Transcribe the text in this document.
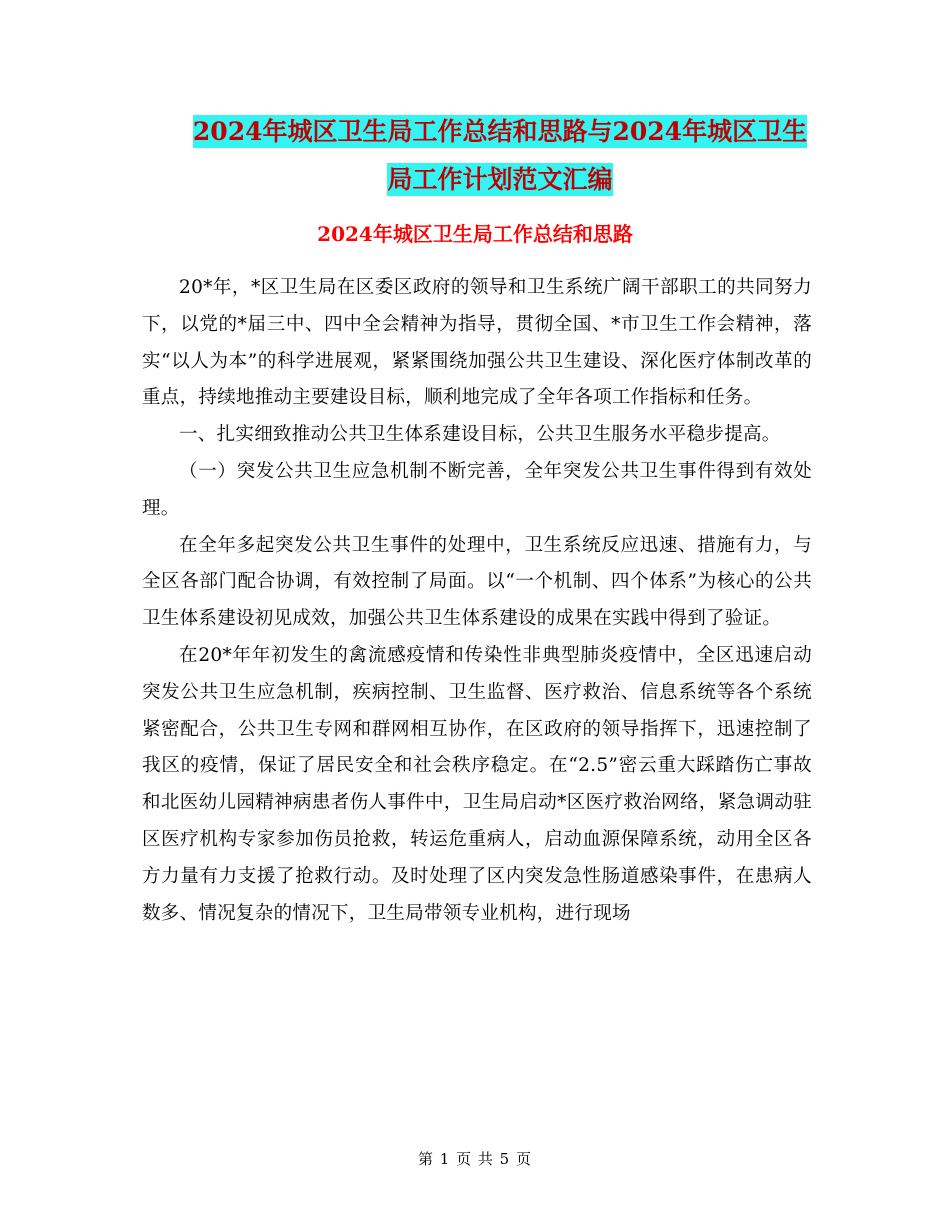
2024年城区卫生局工作总结和思路与2024年城区卫生
局工作计划范文汇编
2024年城区卫生局工作总结和思路

20*年，*区卫生局在区委区政府的领导和卫生系统广阔干部职工的共同努力下，以党的*届三中、四中全会精神为指导，贯彻全国、*市卫生工作会精神，落实“以人为本”的科学进展观，紧紧围绕加强公共卫生建设、深化医疗体制改革的重点，持续地推动主要建设目标，顺利地完成了全年各项工作指标和任务。

一、扎实细致推动公共卫生体系建设目标，公共卫生服务水平稳步提高。

（一）突发公共卫生应急机制不断完善，全年突发公共卫生事件得到有效处理。

在全年多起突发公共卫生事件的处理中，卫生系统反应迅速、措施有力，与全区各部门配合协调，有效控制了局面。以“一个机制、四个体系”为核心的公共卫生体系建设初见成效，加强公共卫生体系建设的成果在实践中得到了验证。

在20*年年初发生的禽流感疫情和传染性非典型肺炎疫情中，全区迅速启动突发公共卫生应急机制，疾病控制、卫生监督、医疗救治、信息系统等各个系统紧密配合，公共卫生专网和群网相互协作，在区政府的领导指挥下，迅速控制了我区的疫情，保证了居民安全和社会秩序稳定。在“2.5”密云重大踩踏伤亡事故和北医幼儿园精神病患者伤人事件中，卫生局启动*区医疗救治网络，紧急调动驻区医疗机构专家参加伤员抢救，转运危重病人，启动血源保障系统，动用全区各方力量有力支援了抢救行动。及时处理了区内突发急性肠道感染事件，在患病人数多、情况复杂的情况下，卫生局带领专业机构，进行现场

第 1 页 共 5 页
